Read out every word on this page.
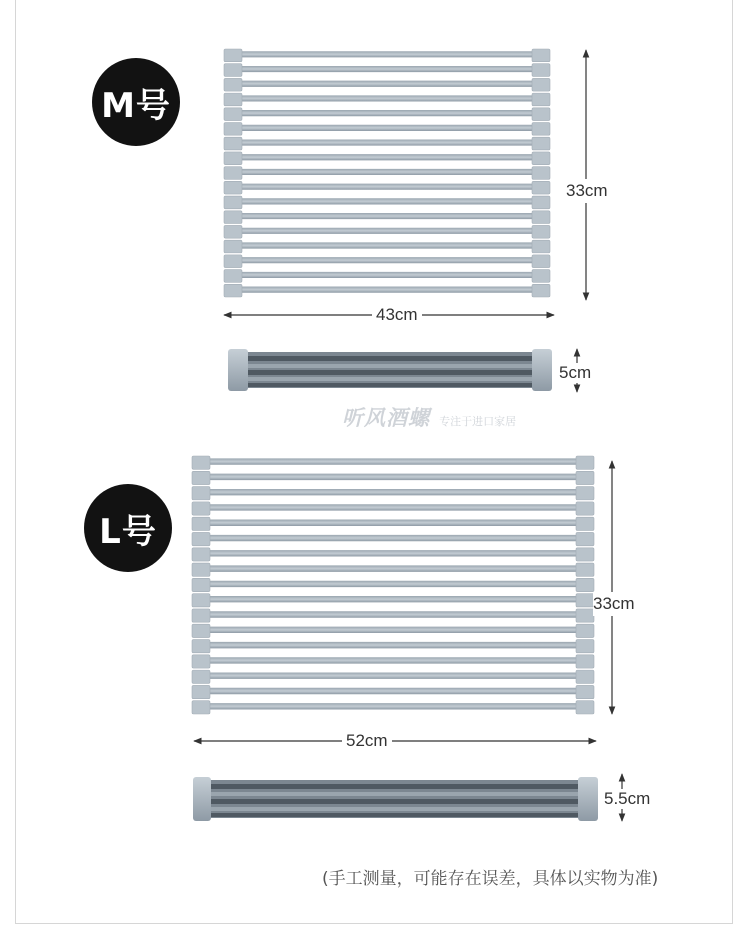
M号
L号
33cm
43cm
5cm
听风酒螺 专注于进口家居
33cm
52cm
5.5cm
(手工测量，可能存在误差，具体以实物为准)
